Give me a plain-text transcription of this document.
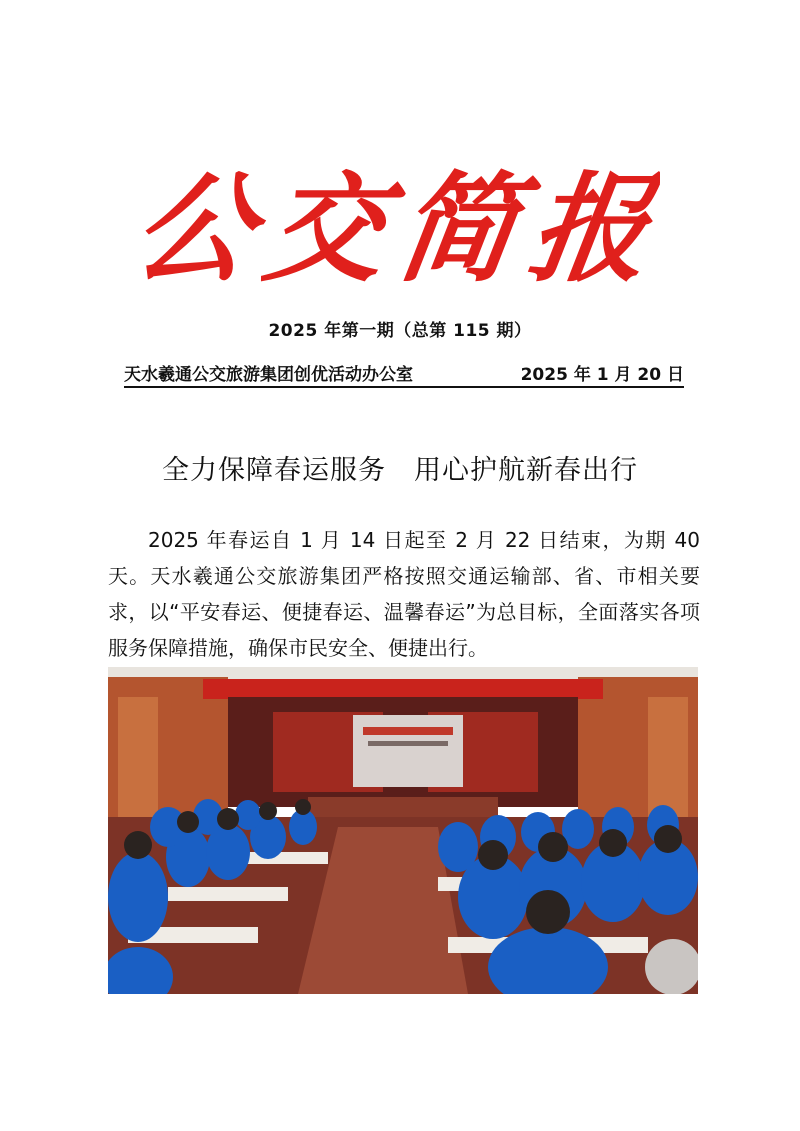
公交简报
2025 年第一期（总第 115 期）
天水羲通公交旅游集团创优活动办公室	2025 年 1 月 20 日
全力保障春运服务　用心护航新春出行

2025 年春运自 1 月 14 日起至 2 月 22 日结束，为期 40 天。天水羲通公交旅游集团严格按照交通运输部、省、市相关要求，以“平安春运、便捷春运、温馨春运”为总目标，全面落实各项服务保障措施，确保市民安全、便捷出行。
